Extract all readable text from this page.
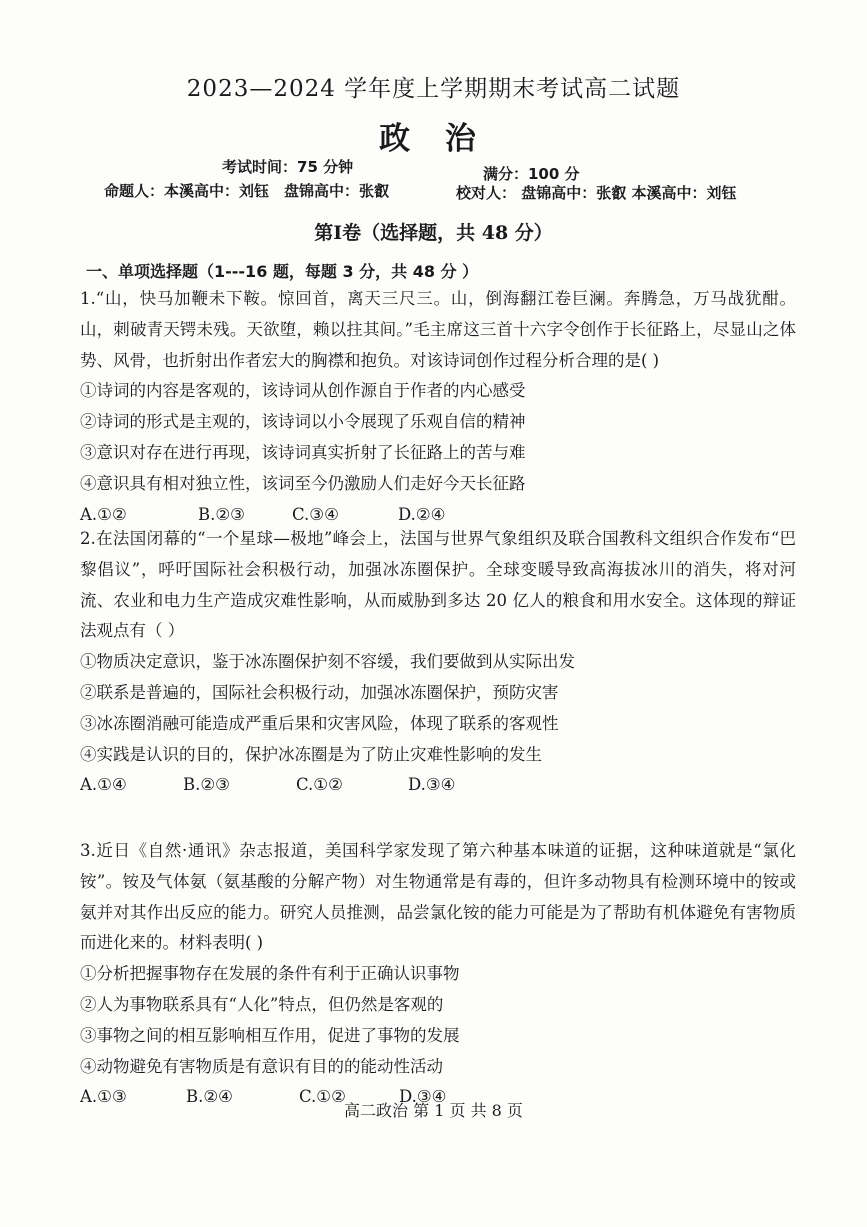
2023—2024 学年度上学期期末考试高二试题
政 治
考试时间：75 分钟	满分：100 分
命题人：本溪高中：刘钰　盘锦高中：张叡	校对人： 盘锦高中：张叡 本溪高中：刘钰
第Ⅰ卷（选择题，共 48 分）
一、单项选择题（1---16 题，每题 3 分，共 48 分 ）

1.“山，快马加鞭未下鞍。惊回首，离天三尺三。山，倒海翻江卷巨澜。奔腾急，万马战犹酣。山，刺破青天锷未残。天欲堕，赖以拄其间。”毛主席这三首十六字令创作于长征路上，尽显山之体势、风骨，也折射出作者宏大的胸襟和抱负。对该诗词创作过程分析合理的是( )

①诗词的内容是客观的，该诗词从创作源自于作者的内心感受

②诗词的形式是主观的，该诗词以小令展现了乐观自信的精神

③意识对存在进行再现，该诗词真实折射了长征路上的苦与难

④意识具有相对独立性，该词至今仍激励人们走好今天长征路

A.①②	B.②③	C.③④	D.②④

2.在法国闭幕的“一个星球—极地”峰会上，法国与世界气象组织及联合国教科文组织合作发布“巴黎倡议”，呼吁国际社会积极行动，加强冰冻圈保护。全球变暖导致高海拔冰川的消失，将对河流、农业和电力生产造成灾难性影响，从而威胁到多达 20 亿人的粮食和用水安全。这体现的辩证法观点有（ ）

①物质决定意识，鉴于冰冻圈保护刻不容缓，我们要做到从实际出发

②联系是普遍的，国际社会积极行动，加强冰冻圈保护，预防灾害

③冰冻圈消融可能造成严重后果和灾害风险，体现了联系的客观性

④实践是认识的目的，保护冰冻圈是为了防止灾难性影响的发生

A.①④	B.②③	C.①②	D.③④

3.近日《自然·通讯》杂志报道，美国科学家发现了第六种基本味道的证据，这种味道就是“氯化铵”。铵及气体氨（氨基酸的分解产物）对生物通常是有毒的，但许多动物具有检测环境中的铵或氨并对其作出反应的能力。研究人员推测，品尝氯化铵的能力可能是为了帮助有机体避免有害物质而进化来的。材料表明( )

①分析把握事物存在发展的条件有利于正确认识事物

②人为事物联系具有“人化”特点，但仍然是客观的

③事物之间的相互影响相互作用，促进了事物的发展

④动物避免有害物质是有意识有目的的能动性活动

A.①③	B.②④	C.①②	D.③④
高二政治 第 1 页 共 8 页
